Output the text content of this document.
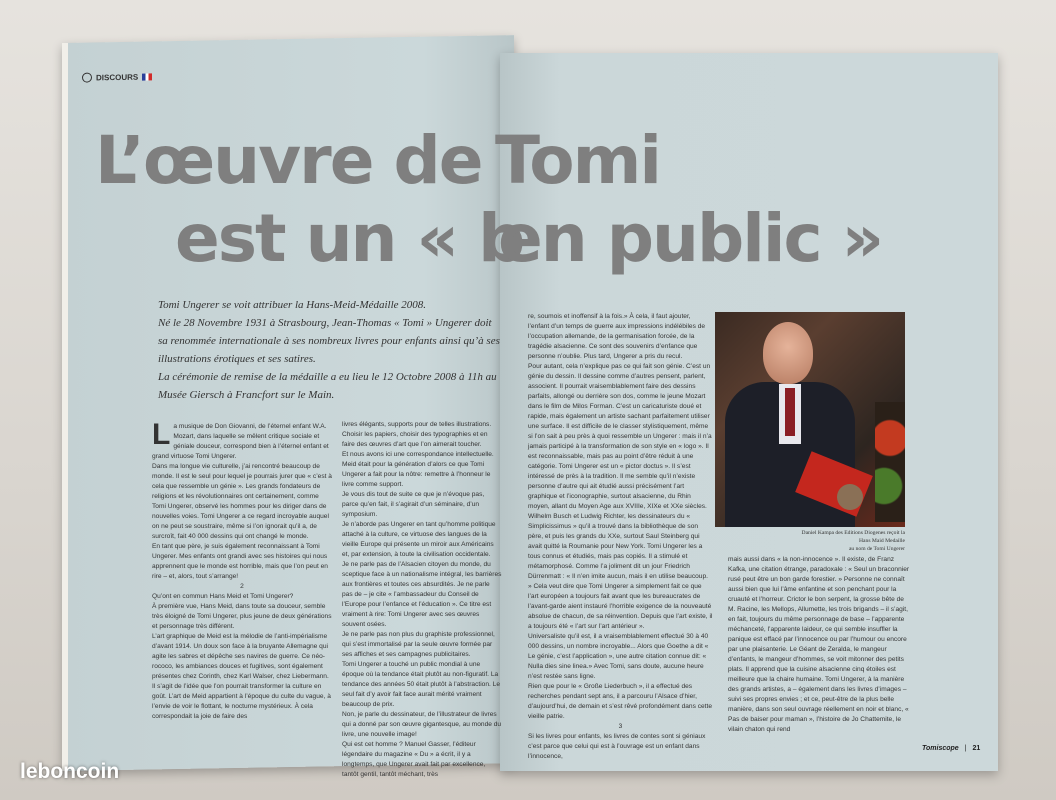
DISCOURS
L’œuvre de Tomi
est un « b
en public »

Tomi Ungerer se voit attribuer la Hans-Meid-Médaille 2008.

Né le 28 Novembre 1931 à Strasbourg, Jean-Thomas « Tomi » Ungerer doit sa renommée internationale à ses nombreux livres pour enfants ainsi qu’à ses illustrations érotiques et ses satires.

La cérémonie de remise de la médaille a eu lieu le 12 Octobre 2008 à 11h au Musée Giersch à Francfort sur le Main.

L a musique de Don Giovanni, de l’éternel enfant W.A. Mozart, dans laquelle se mêlent critique sociale et géniale douceur, correspond bien à l’éternel enfant et grand virtuose Tomi Ungerer.

Dans ma longue vie culturelle, j’ai rencontré beaucoup de monde. Il est le seul pour lequel je pourrais jurer que « c’est à cela que ressemble un génie ». Les grands fondateurs de religions et les révolutionnaires ont certainement, comme Tomi Ungerer, observé les hommes pour les diriger dans de nouvelles voies. Tomi Ungerer a ce regard incroyable auquel on ne peut se soustraire, même si l’on ignorait qu’il a, de surcroît, fait 40 000 dessins qui ont changé le monde.

En tant que père, je suis également reconnaissant à Tomi Ungerer. Mes enfants ont grandi avec ses histoires qui nous apprennent que le monde est horrible, mais que l’on peut en rire – et, alors, tout s’arrange!

2

Qu’ont en commun Hans Meid et Tomi Ungerer?

À première vue, Hans Meid, dans toute sa douceur, semble très éloigné de Tomi Ungerer, plus jeune de deux générations et personnage très différent.

L’art graphique de Meid est la mélodie de l’anti-impérialisme d’avant 1914. Un doux son face à la bruyante Allemagne qui agite les sabres et dépêche ses navires de guerre. Ce néo-rococo, les ambiances douces et fugitives, sont également présentes chez Corinth, chez Karl Walser, chez Liebermann. Il s’agit de l’idée que l’on pourrait transformer la culture en goût. L’art de Meid appartient à l’époque du culte du vague, à l’envie de voir le flottant, le nocturne mystérieux. À cela correspondait la joie de faire des

livres élégants, supports pour de telles illustrations. Choisir les papiers, choisir des typographies et en faire des œuvres d’art que l’on aimerait toucher.

Et nous avons ici une correspondance intellectuelle. Meid était pour la génération d’alors ce que Tomi Ungerer a fait pour la nôtre: remettre à l’honneur le livre comme support.

Je vous dis tout de suite ce que je n’évoque pas, parce qu’en fait, il s’agirait d’un séminaire, d’un symposium.

Je n’aborde pas Ungerer en tant qu’homme politique attaché à la culture, ce virtuose des langues de la vieille Europe qui présente un miroir aux Américains et, par extension, à toute la civilisation occidentale.

Je ne parle pas de l’Alsacien citoyen du monde, du sceptique face à un nationalisme intégral, les barrières aux frontières et toutes ces absurdités. Je ne parle pas de – je cite « l’ambassadeur du Conseil de l’Europe pour l’enfance et l’éducation ». Ce titre est vraiment à rire: Tomi Ungerer avec ses œuvres souvent osées.

Je ne parle pas non plus du graphiste professionnel, qui s’est immortalisé par la seule œuvre formée par ses affiches et ses campagnes publicitaires.

Tomi Ungerer a touché un public mondial à une époque où la tendance était plutôt au non-figuratif. La tendance des années 50 était plutôt à l’abstraction. Le seul fait d’y avoir fait face aurait mérité vraiment beaucoup de prix.

Non, je parle du dessinateur, de l’illustrateur de livres qui a donné par son œuvre gigantesque, au monde du livre, une nouvelle image!

Qui est cet homme ? Manuel Gasser, l’éditeur légendaire du magazine « Du » a écrit, il y a longtemps, que Ungerer avait fait par excellence, tantôt gentil, tantôt méchant, très

re, soumois et inoffensif à la fois.» À cela, il faut ajouter, l’enfant d’un temps de guerre aux impressions indélébiles de l’occupation allemande, de la germanisation forcée, de la tragédie alsacienne. Ce sont des souvenirs d’enfance que personne n’oublie. Plus tard, Ungerer a pris du recul.

Pour autant, cela n’explique pas ce qui fait son génie. C’est un génie du dessin. Il dessine comme d’autres pensent, parlent, associent. Il pourrait vraisemblablement faire des dessins parfaits, allongé ou derrière son dos, comme le jeune Mozart dans le film de Milos Forman. C’est un caricaturiste doué et rapide, mais également un artiste sachant parfaitement utiliser une surface. Il est difficile de le classer stylistiquement, même si l’on sait à peu près à quoi ressemble un Ungerer : mais il n’a jamais participé à la transformation de son style en « logo ». Il est reconnaissable, mais pas au point d’être réduit à une catégorie. Tomi Ungerer est un « pictor doctus ». Il s’est intéressé de près à la tradition. Il me semble qu’il n’existe personne d’autre qui ait étudié aussi précisément l’art graphique et l’iconographie, surtout alsacienne, du Rhin moyen, allant du Moyen Age aux XVIIIe, XIXe et XXe siècles. Wilhelm Busch et Ludwig Richter, les dessinateurs du « Simplicissimus » qu’il a trouvé dans la bibliothèque de son père, et puis les grands du XXe, surtout Saul Steinberg qui avait quitté la Roumanie pour New York. Tomi Ungerer les a tous connus et étudiés, mais pas copiés. Il a stimulé et métamorphosé. Comme l’a joliment dit un jour Friedrich Dürrenmatt : « Il n’en imite aucun, mais il en utilise beaucoup. » Cela veut dire que Tomi Ungerer a simplement fait ce que l’art européen a toujours fait avant que les bureaucrates de l’avant-garde aient instauré l’horrible exigence de la nouveauté absolue de chacun, de sa réinvention. Depuis que l’art existe, il a toujours été « l’art sur l’art antérieur ».

Universaliste qu’il est, il a vraisemblablement effectué 30 à 40 000 dessins, un nombre incroyable... Alors que Goethe a dit « Le génie, c’est l’application », une autre citation connue dit: « Nulla dies sine linea.» Avec Tomi, sans doute, aucune heure n’est restée sans ligne.

Rien que pour le « Große Liederbuch », il a effectué des recherches pendant sept ans, il a parcouru l’Alsace d’hier, d’aujourd’hui, de demain et s’est rêvé profondément dans cette vieille patrie.

3

Si les livres pour enfants, les livres de contes sont si géniaux c’est parce que celui qui est à l’ouvrage est un enfant dans l’innocence,

Daniel Kampa des Editions Diogenes reçoit la Hans Maid Medaille
au nom de Tomi Ungerer

mais aussi dans « la non-innocence ». Il existe, de Franz Kafka, une citation étrange, paradoxale : « Seul un braconnier rusé peut être un bon garde forestier. » Personne ne connaît aussi bien que lui l’âme enfantine et son penchant pour la cruauté et l’horreur. Crictor le bon serpent, la grosse bête de M. Racine, les Mellops, Allumette, les trois brigands – il s’agit, en fait, toujours du même personnage de base – l’apparente méchanceté, l’apparente laideur, ce qui semble insuffler la panique est effacé par l’innocence ou par l’humour ou encore par une plaisanterie. Le Géant de Zeralda, le mangeur d’enfants, le mangeur d’hommes, se voit mitonner des petits plats. Il apprend que la cuisine alsacienne cinq étoiles est meilleure que la chaire humaine. Tomi Ungerer, à la manière des grands artistes, a – également dans les livres d’images – suivi ses propres envies ; et ce, peut-être de la plus belle manière, dans son seul ouvrage réellement en noir et blanc, « Pas de baiser pour maman », l’histoire de Jo Chattemite, le vilain chaton qui rend

Tomiscope | 21
leboncoin
